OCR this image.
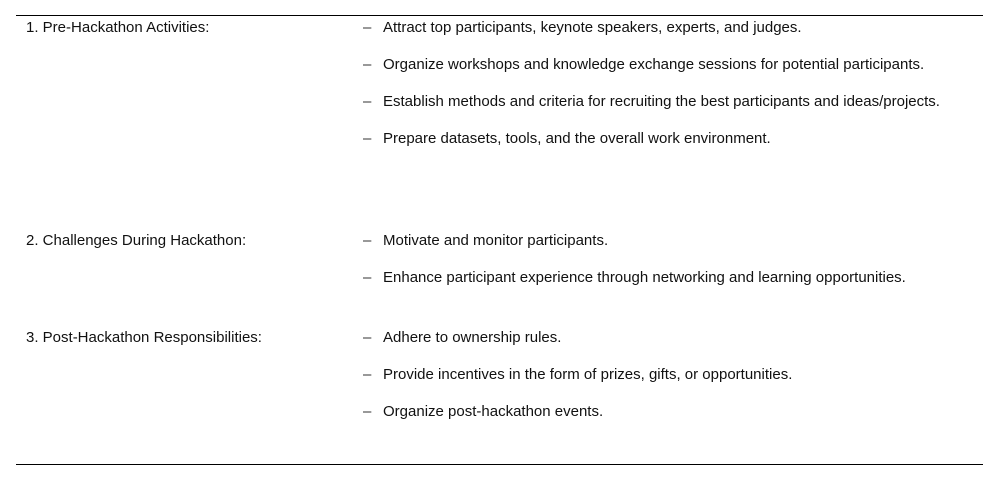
1. Pre-Hackathon Activities:	– Attract top participants, keynote speakers, experts, and judges.
– Organize workshops and knowledge exchange sessions for potential participants.
– Establish methods and criteria for recruiting the best participants and ideas/projects.
– Prepare datasets, tools, and the overall work environment.
2. Challenges During Hackathon:	– Motivate and monitor participants.
– Enhance participant experience through networking and learning opportunities.
3. Post-Hackathon Responsibilities:	– Adhere to ownership rules.
– Provide incentives in the form of prizes, gifts, or opportunities.
– Organize post-hackathon events.
